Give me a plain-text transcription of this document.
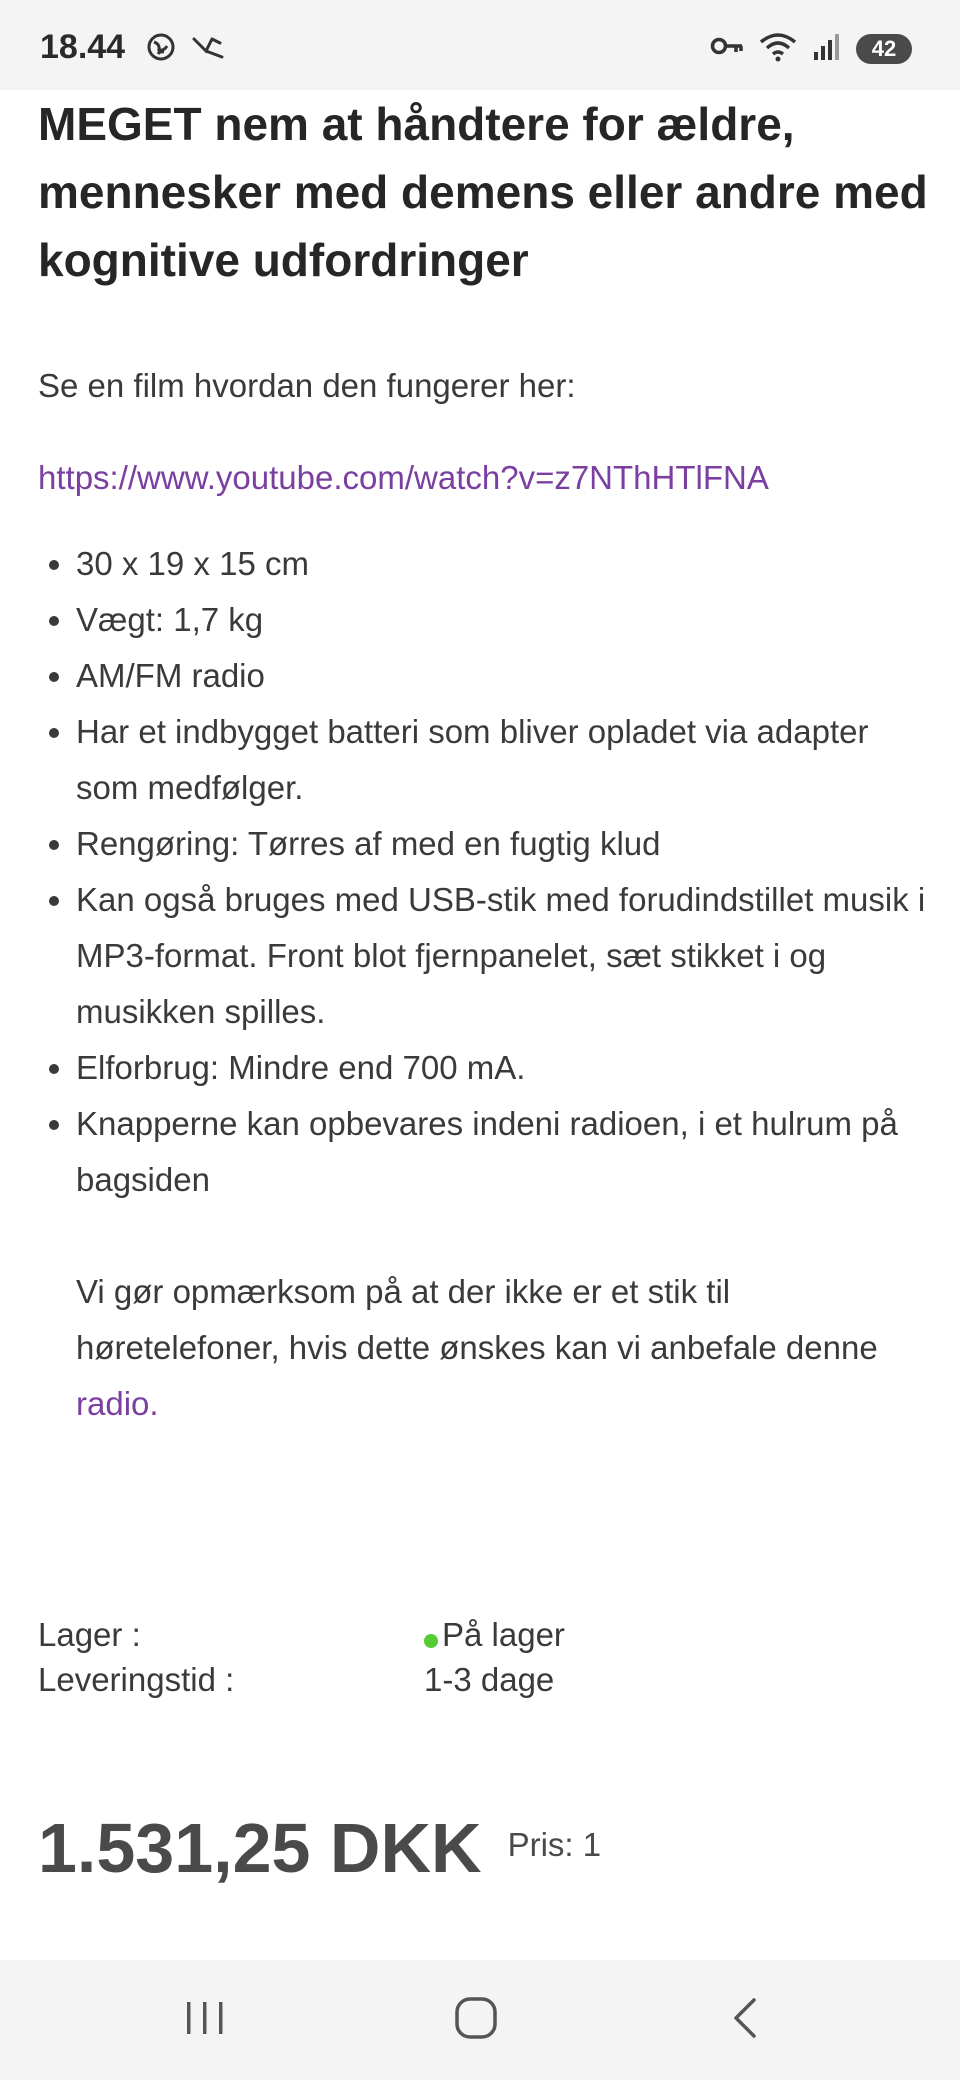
18.44	42
MEGET nem at håndtere for ældre, mennesker med demens eller andre med kognitive udfordringer
Se en film hvordan den fungerer her:
https://www.youtube.com/watch?v=z7NThHTlFNA
• 30 x 19 x 15 cm
• Vægt: 1,7 kg
• AM/FM radio
• Har et indbygget batteri som bliver opladet via adapter som medfølger.
• Rengøring: Tørres af med en fugtig klud
• Kan også bruges med USB-stik med forudindstillet musik i MP3-format. Front blot fjernpanelet, sæt stikket i og musikken spilles.
• Elforbrug: Mindre end 700 mA.
• Knapperne kan opbevares indeni radioen, i et hulrum på bagsiden
Vi gør opmærksom på at der ikke er et stik til høretelefoner, hvis dette ønskes kan vi anbefale denne radio.
Lager :	På lager
Leveringstid :	1-3 dage
1.531,25 DKK Pris: 1
